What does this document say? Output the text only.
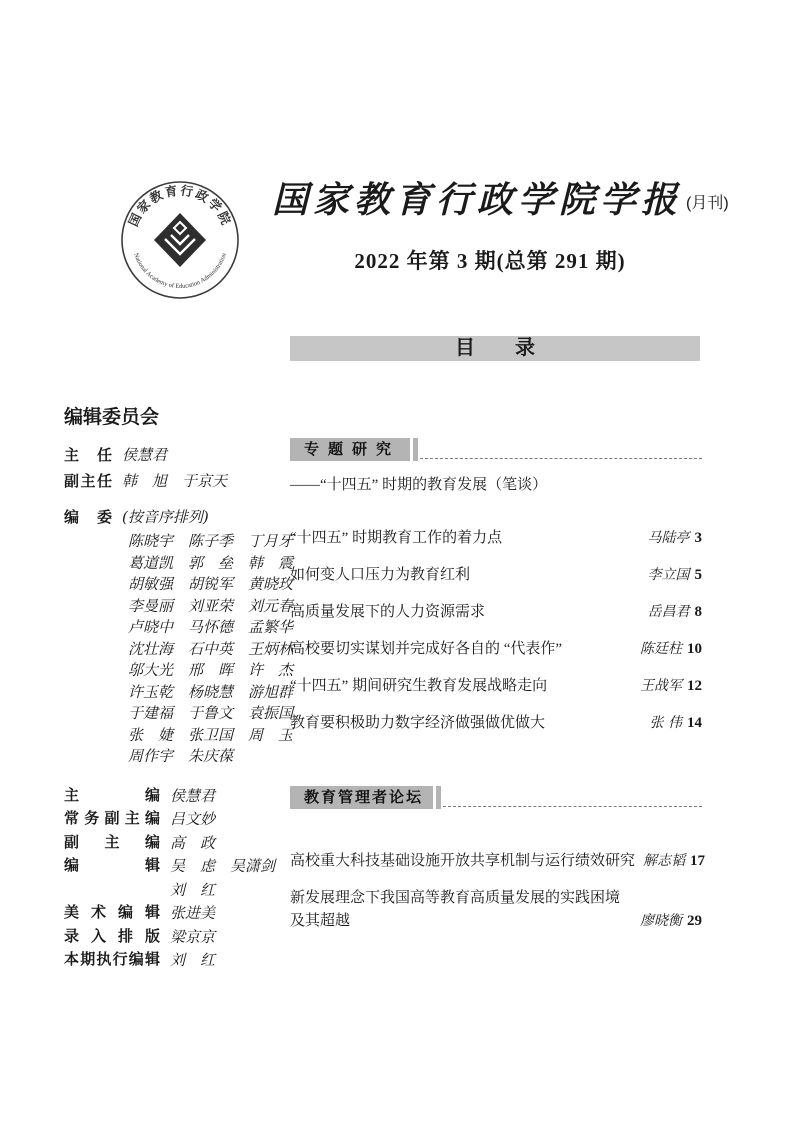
国家教育行政学院
National Academy of Education Administration
国家教育行政学院学报 (月刊)
2022 年第 3 期(总第 291 期)
目　　录
编辑委员会
主任 侯慧君
副主任 韩　旭　于京天
编委 (按音序排列)
陈晓宇　陈子季　丁月牙
葛道凯　郭　垒　韩　震
胡敏强　胡锐军　黄晓玫
李曼丽　刘亚荣　刘元春
卢晓中　马怀德　孟繁华
沈壮海　石中英　王炳林
邬大光　邢　晖　许　杰
许玉乾　杨晓慧　游旭群
于建福　于鲁文　袁振国
张　婕　张卫国　周　玉
周作宇　朱庆葆
主编 侯慧君
常务副主编 吕文妙
副主编 高　政
编辑 吴　虑　吴潇剑
刘　红
美术编辑 张进美
录入排版 梁京京
本期执行编辑 刘　红
专题研究
——“十四五” 时期的教育发展（笔谈）
“十四五” 时期教育工作的着力点	马陆亭 3
如何变人口压力为教育红利	李立国 5
高质量发展下的人力资源需求	岳昌君 8
高校要切实谋划并完成好各自的 “代表作”	陈廷柱 10
“十四五” 期间研究生教育发展战略走向	王战军 12
教育要积极助力数字经济做强做优做大	张 伟 14
教育管理者论坛
高校重大科技基础设施开放共享机制与运行绩效研究 解志韬 17
新发展理念下我国高等教育高质量发展的实践困境
及其超越	廖晓衡 29
